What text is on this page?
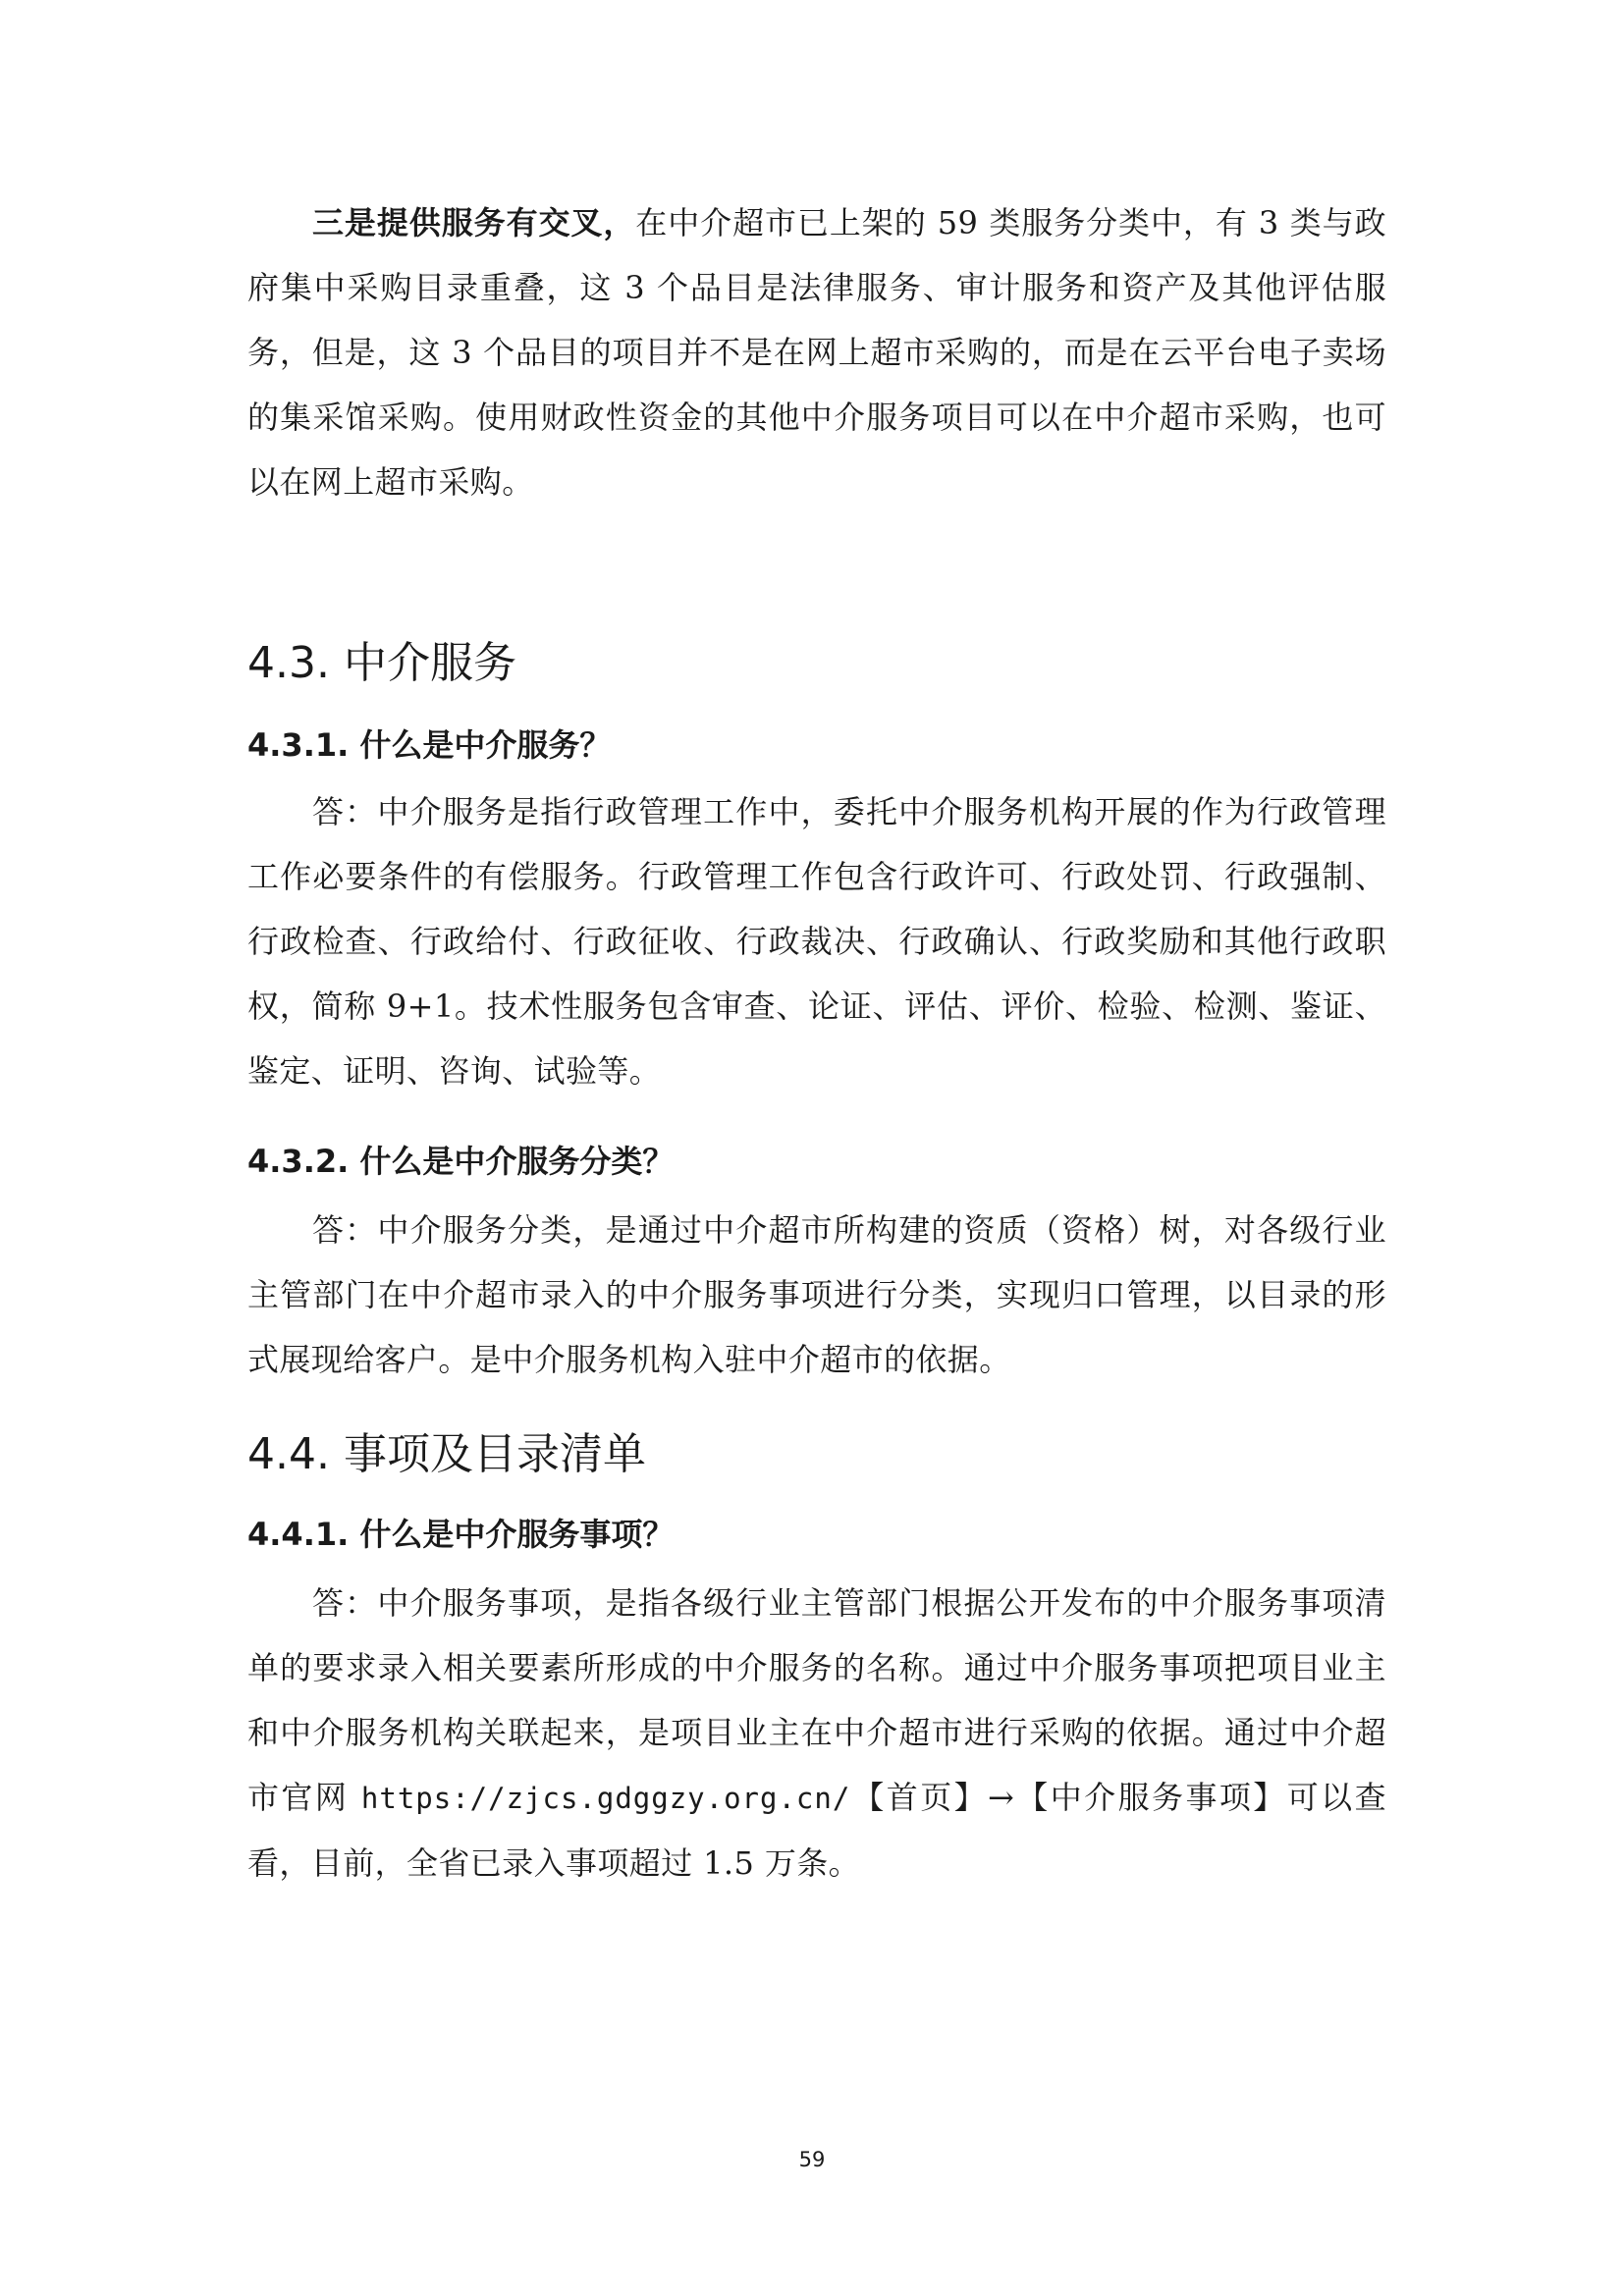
三是提供服务有交叉，在中介超市已上架的 59 类服务分类中，有 3 类与政府集中采购目录重叠，这 3 个品目是法律服务、审计服务和资产及其他评估服务，但是，这 3 个品目的项目并不是在网上超市采购的，而是在云平台电子卖场的集采馆采购。使用财政性资金的其他中介服务项目可以在中介超市采购，也可以在网上超市采购。

4.3. 中介服务
4.3.1. 什么是中介服务？

答：中介服务是指行政管理工作中，委托中介服务机构开展的作为行政管理工作必要条件的有偿服务。行政管理工作包含行政许可、行政处罚、行政强制、行政检查、行政给付、行政征收、行政裁决、行政确认、行政奖励和其他行政职权，简称 9+1。技术性服务包含审查、论证、评估、评价、检验、检测、鉴证、鉴定、证明、咨询、试验等。

4.3.2. 什么是中介服务分类？

答：中介服务分类，是通过中介超市所构建的资质（资格）树，对各级行业主管部门在中介超市录入的中介服务事项进行分类，实现归口管理，以目录的形式展现给客户。是中介服务机构入驻中介超市的依据。

4.4. 事项及目录清单
4.4.1. 什么是中介服务事项？

答：中介服务事项，是指各级行业主管部门根据公开发布的中介服务事项清单的要求录入相关要素所形成的中介服务的名称。通过中介服务事项把项目业主和中介服务机构关联起来，是项目业主在中介超市进行采购的依据。通过中介超市官网 https://zjcs.gdggzy.org.cn/【首页】→【中介服务事项】可以查看，目前，全省已录入事项超过 1.5 万条。

59
